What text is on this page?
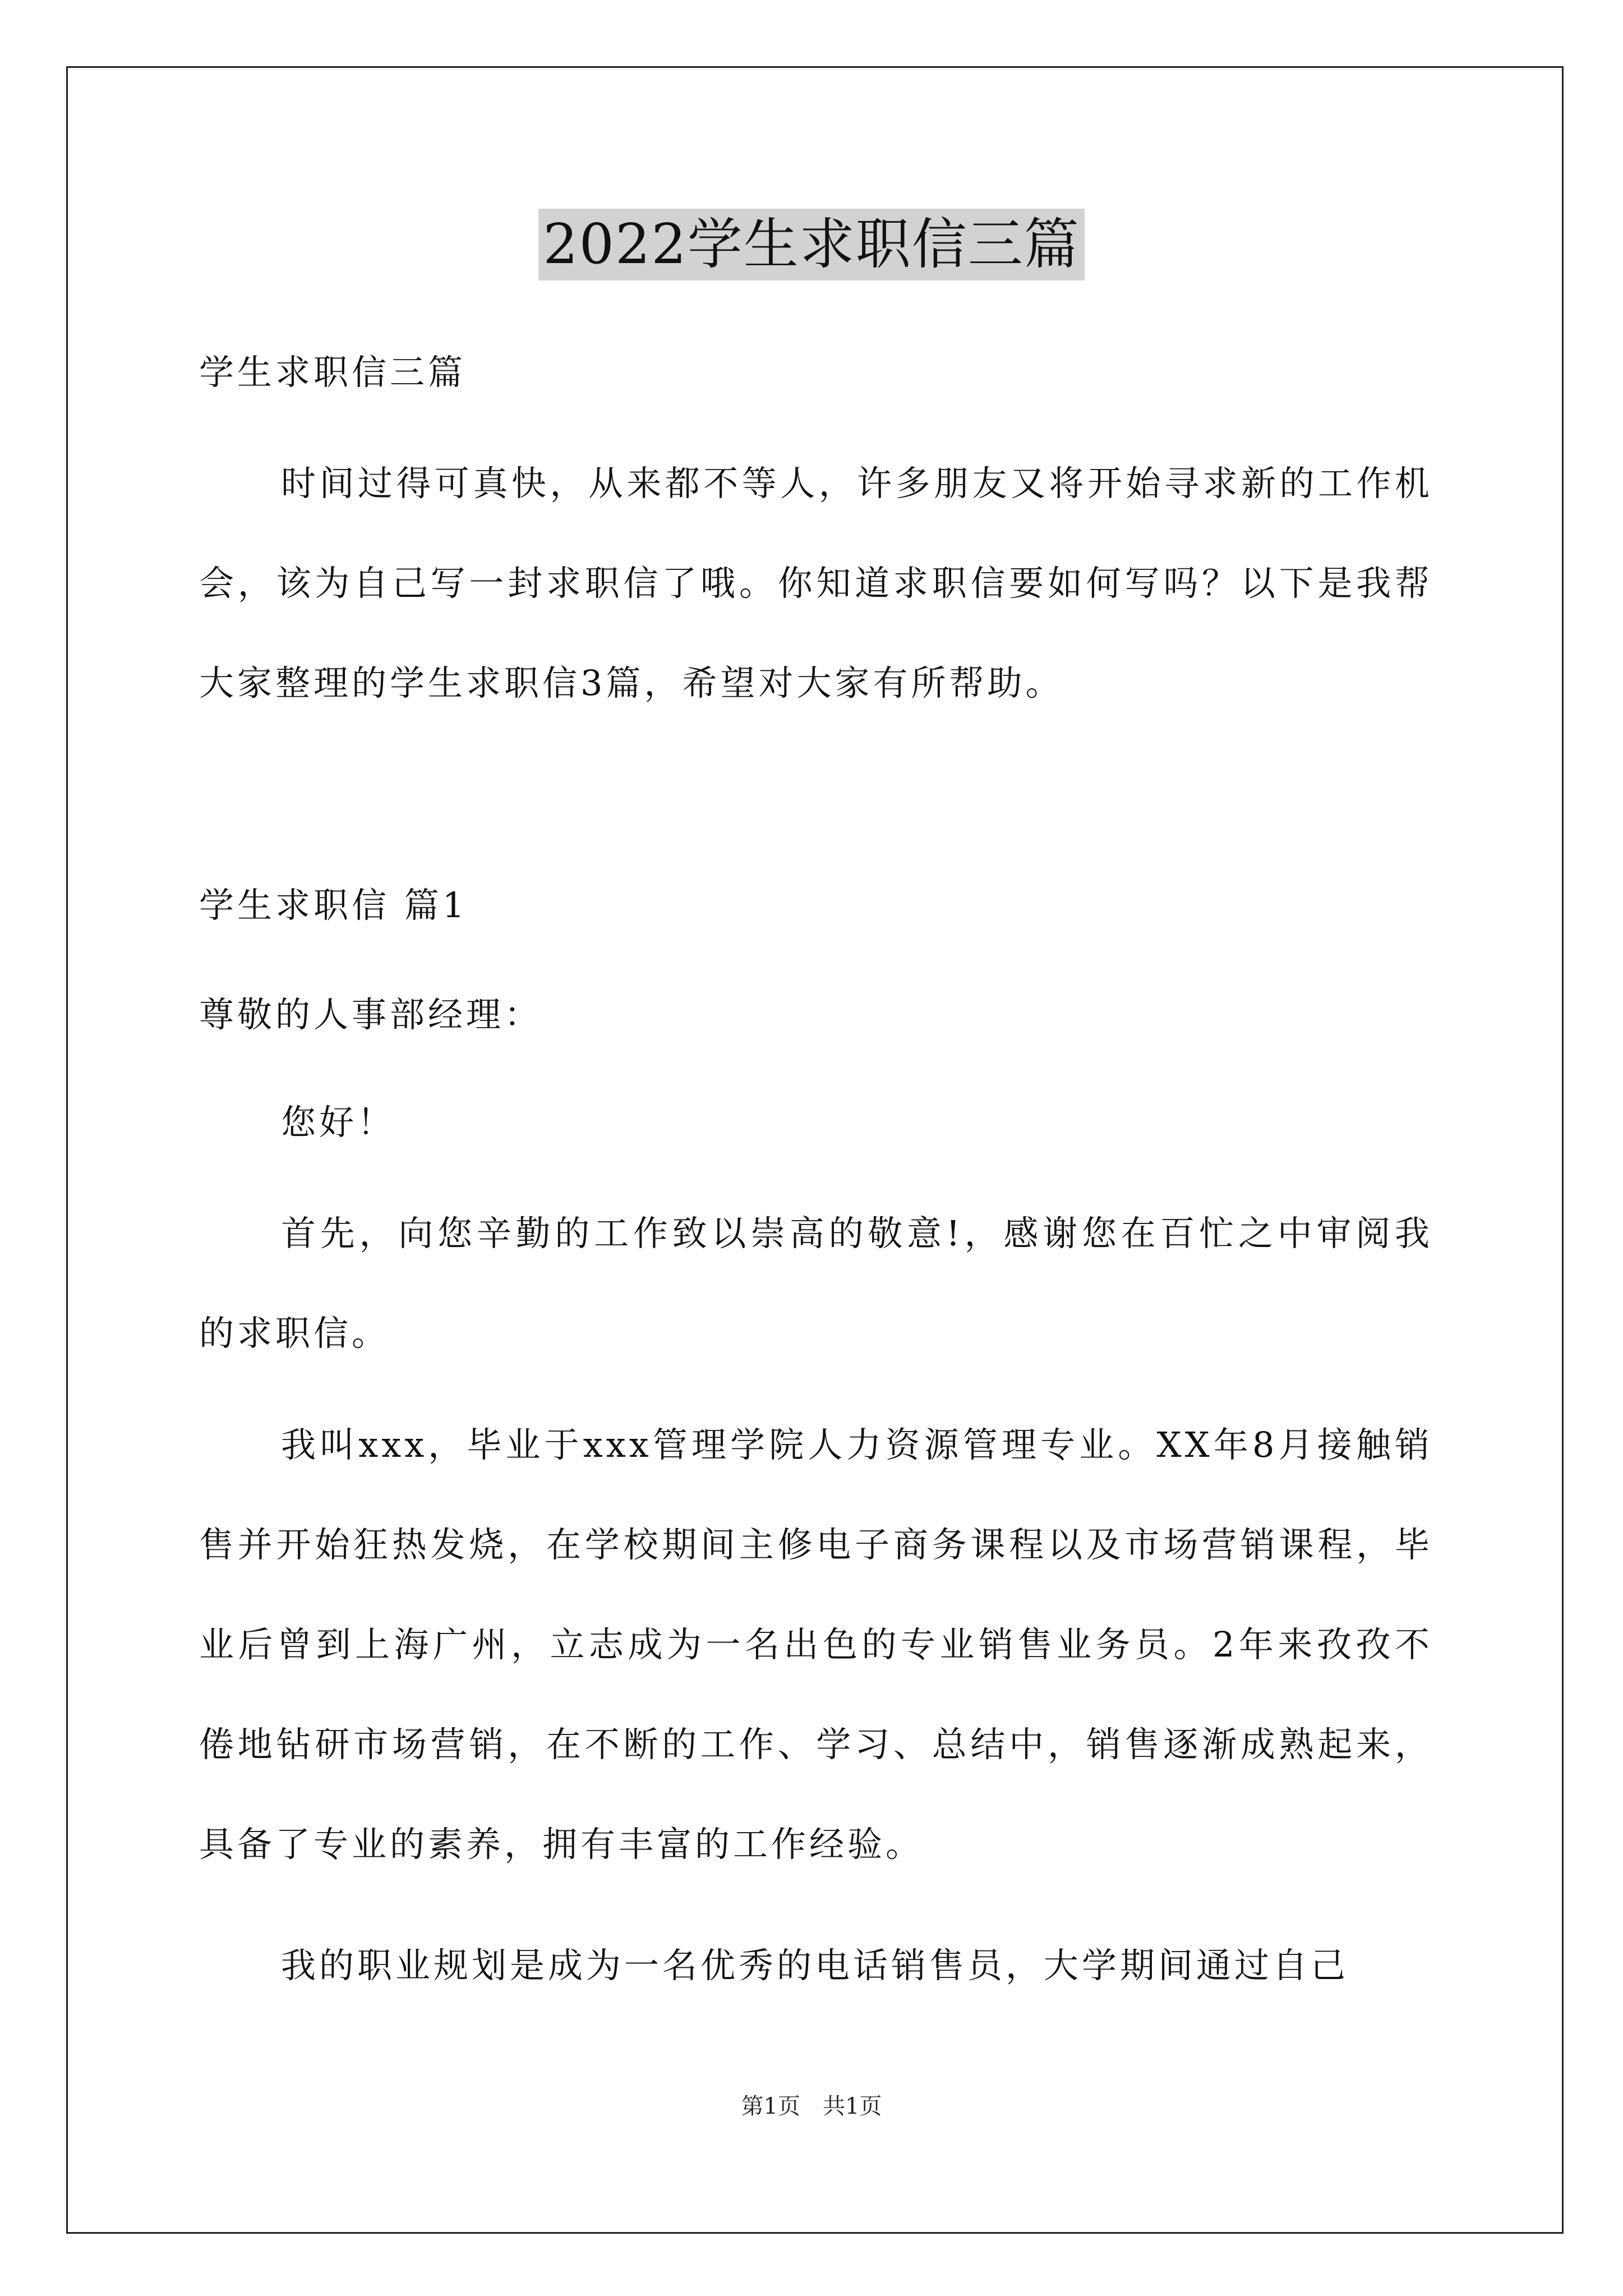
2022学生求职信三篇

学生求职信三篇

时间过得可真快，从来都不等人，许多朋友又将开始寻求新的工作机会，该为自己写一封求职信了哦。你知道求职信要如何写吗？以下是我帮大家整理的学生求职信3篇，希望对大家有所帮助。

学生求职信 篇1

尊敬的人事部经理：

您好！

首先，向您辛勤的工作致以崇高的敬意!，感谢您在百忙之中审阅我的求职信。

我叫xxx，毕业于xxx管理学院人力资源管理专业。XX年8月接触销售并开始狂热发烧，在学校期间主修电子商务课程以及市场营销课程，毕业后曾到上海广州，立志成为一名出色的专业销售业务员。2年来孜孜不倦地钻研市场营销，在不断的工作、学习、总结中，销售逐渐成熟起来，具备了专业的素养，拥有丰富的工作经验。

我的职业规划是成为一名优秀的电话销售员，大学期间通过自己

第1页　共1页
